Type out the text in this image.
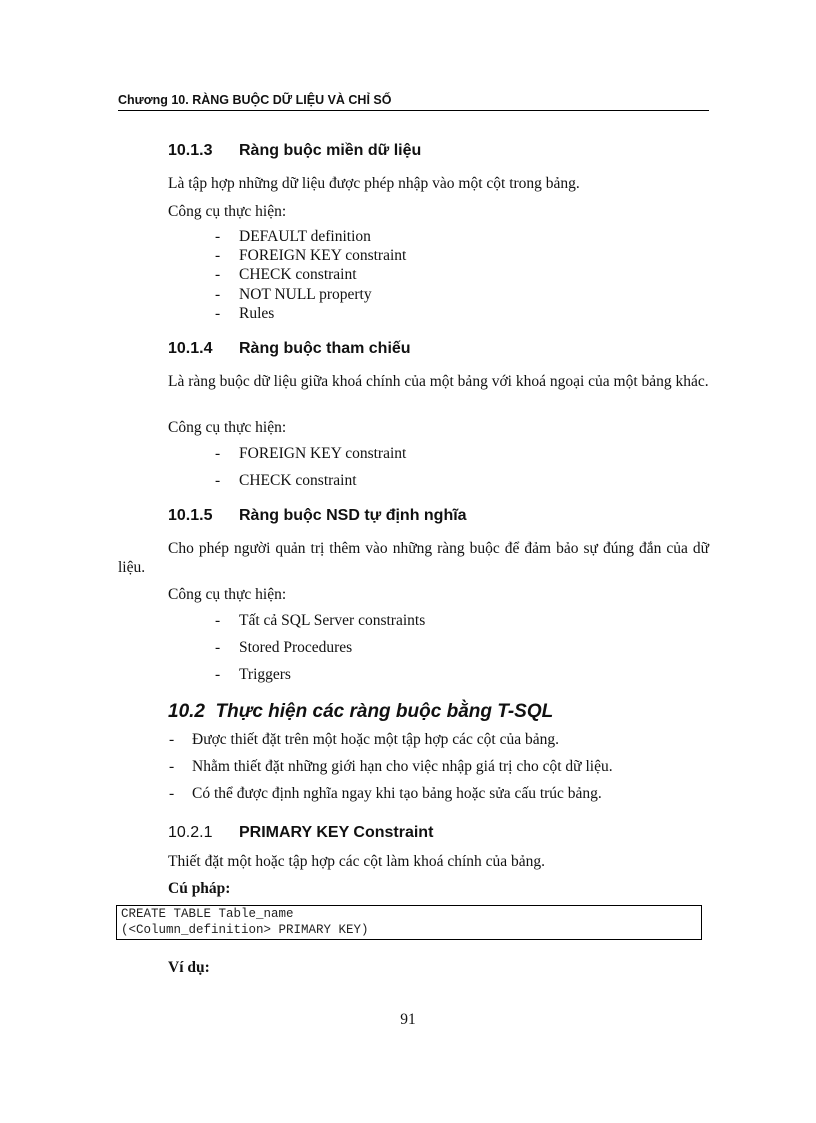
Chương 10. RÀNG BUỘC DỮ LIỆU VÀ CHỈ SỐ
10.1.3 Ràng buộc miền dữ liệu
Là tập hợp những dữ liệu được phép nhập vào một cột trong bảng.
Công cụ thực hiện:
- DEFAULT definition
- FOREIGN KEY constraint
- CHECK constraint
- NOT NULL property
- Rules
10.1.4 Ràng buộc tham chiếu
Là ràng buộc dữ liệu giữa khoá chính của một bảng với khoá ngoại của một bảng khác.
Công cụ thực hiện:
- FOREIGN KEY constraint
- CHECK constraint
10.1.5 Ràng buộc NSD tự định nghĩa
Cho phép người quản trị thêm vào những ràng buộc để đảm bảo sự đúng đắn của dữ liệu.
Công cụ thực hiện:
- Tất cả SQL Server constraints
- Stored Procedures
- Triggers
10.2 Thực hiện các ràng buộc bằng T-SQL
- Được thiết đặt trên một hoặc một tập hợp các cột của bảng.
- Nhằm thiết đặt những giới hạn cho việc nhập giá trị cho cột dữ liệu.
- Có thể được định nghĩa ngay khi tạo bảng hoặc sửa cấu trúc bảng.
10.2.1 PRIMARY KEY Constraint
Thiết đặt một hoặc tập hợp các cột làm khoá chính của bảng.
Cú pháp:
CREATE TABLE Table_name
(<Column_definition> PRIMARY KEY)
Ví dụ:
91
